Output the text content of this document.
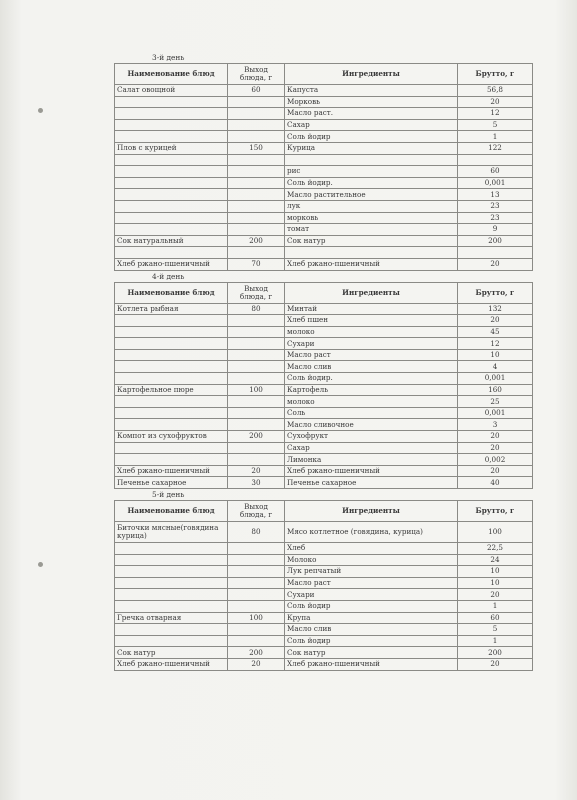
3-й день
Наименование блюд	Выход блюда, г	Ингредиенты	Брутто, г
Салат овощной	60	Капуста	56,8
		Морковь	20
		Масло раст.	12
		Сахар	5
		Соль йодир	1
Плов с курицей	150	Курица	122

		рис	60
		Соль йодир.	0,001
		Масло растительное	13
		лук	23
		морковь	23
		томат	9
Сок натуральный	200	Сок натур	200

Хлеб ржано-пшеничный	70	Хлеб ржано-пшеничный	20
4-й день
Наименование блюд	Выход блюда, г	Ингредиенты	Брутто, г
Котлета рыбная	80	Минтай	132
		Хлеб пшен	20
		молоко	45
		Сухари	12
		Масло раст	10
		Масло слив	4
		Соль йодир.	0,001
Картофельное пюре	100	Картофель	160
		молоко	25
		Соль	0,001
		Масло сливочное	3
Компот из сухофруктов	200	Сухофрукт	20
		Сахар	20
		Лимонка	0,002
Хлеб ржано-пшеничный	20	Хлеб ржано-пшеничный	20
Печенье сахарное	30	Печенье сахарное	40
5-й день
Наименование блюд	Выход блюда, г	Ингредиенты	Брутто, г
Биточки мясные(говядина курица)	80	Мясо котлетное (говядина, курица)	100
		Хлеб	22,5
		Молоко	24
		Лук репчатый	10
		Масло раст	10
		Сухари	20
		Соль йодир	1
Гречка отварная	100	Крупа	60
		Масло слив	5
		Соль йодир	1
Сок натур	200	Сок натур	200
Хлеб ржано-пшеничный	20	Хлеб ржано-пшеничный	20
